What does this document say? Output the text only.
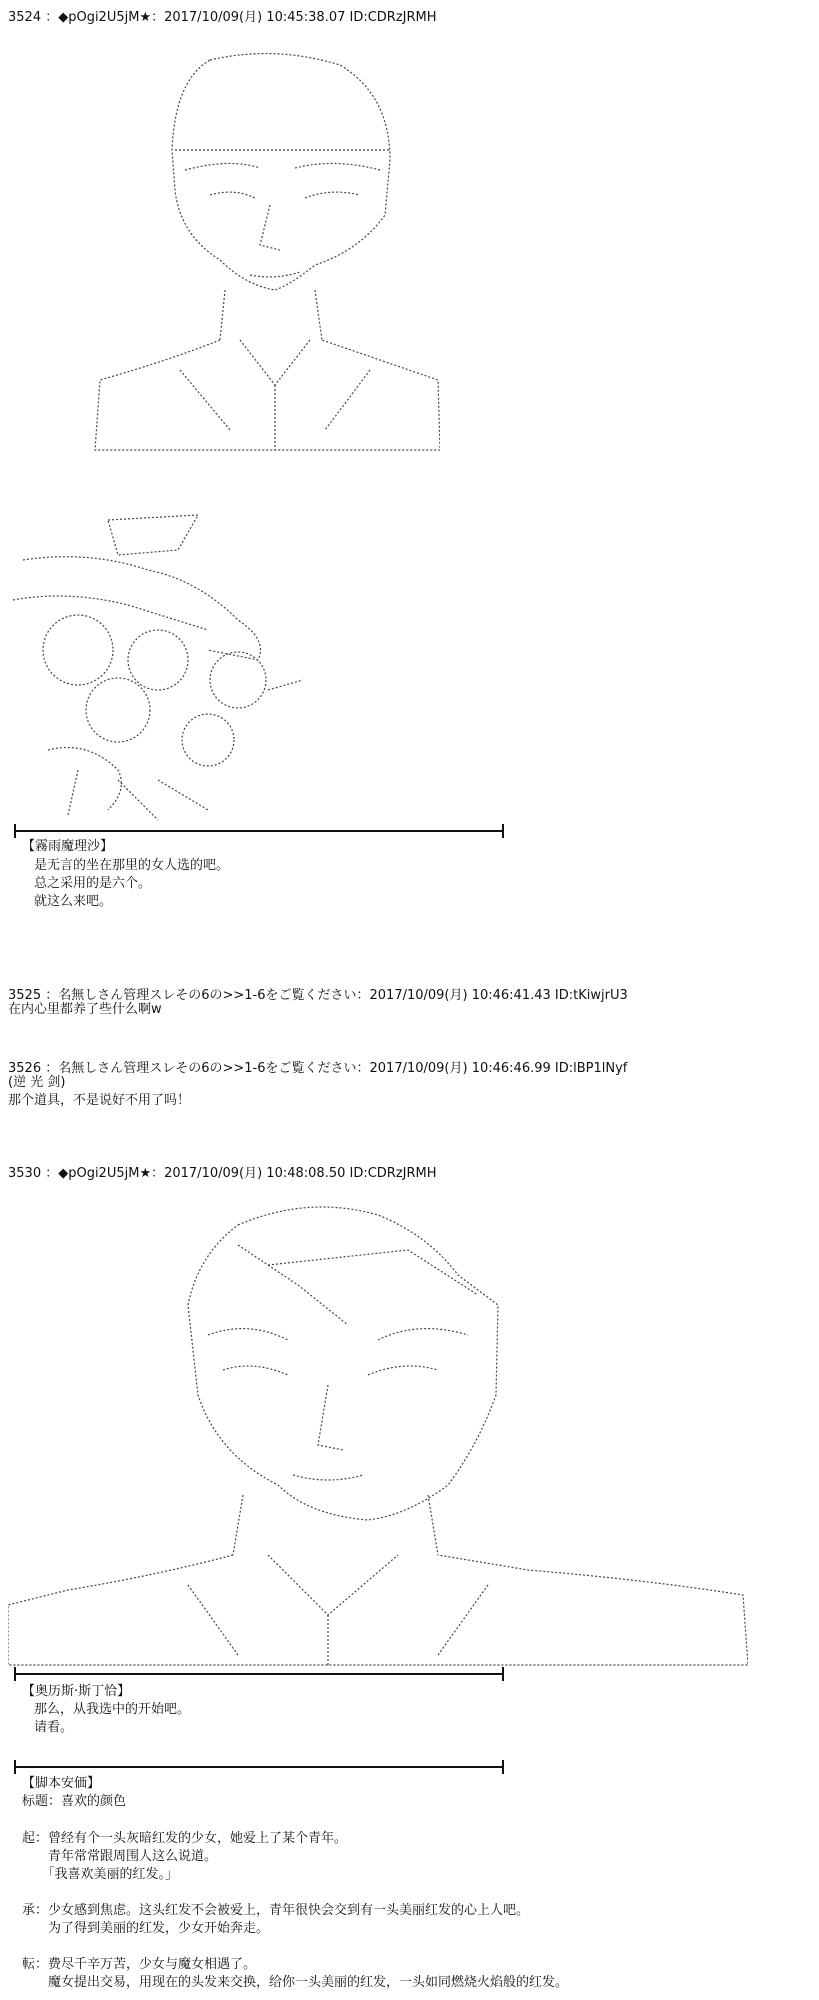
3524 ：◆pOgi2U5jM★：2017/10/09(月) 10:45:38.07 ID:CDRzJRMH
【霧雨魔理沙】
是无言的坐在那里的女人选的吧。
总之采用的是六个。
就这么来吧。
3525 ：名無しさん管理スレその6の>>1-6をご覧ください：2017/10/09(月) 10:46:41.43 ID:tKiwjrU3
在内心里都养了些什么啊w
3526 ：名無しさん管理スレその6の>>1-6をご覧ください：2017/10/09(月) 10:46:46.99 ID:lBP1lNyf
(逆 光 剑)
那个道具，不是说好不用了吗！
3530 ：◆pOgi2U5jM★：2017/10/09(月) 10:48:08.50 ID:CDRzJRMH
【奥历斯·斯丁恰】
那么，从我选中的开始吧。
请看。
【脚本安価】
标题：喜欢的颜色
起：曾经有个一头灰暗红发的少女，她爱上了某个青年。
　　青年常常跟周围人这么说道。
　　「我喜欢美丽的红发。」
承：少女感到焦虑。这头红发不会被爱上，青年很快会交到有一头美丽红发的心上人吧。
　　为了得到美丽的红发，少女开始奔走。
転：费尽千辛万苦，少女与魔女相遇了。
　　魔女提出交易，用现在的头发来交换，给你一头美丽的红发，一头如同燃烧火焰般的红发。
